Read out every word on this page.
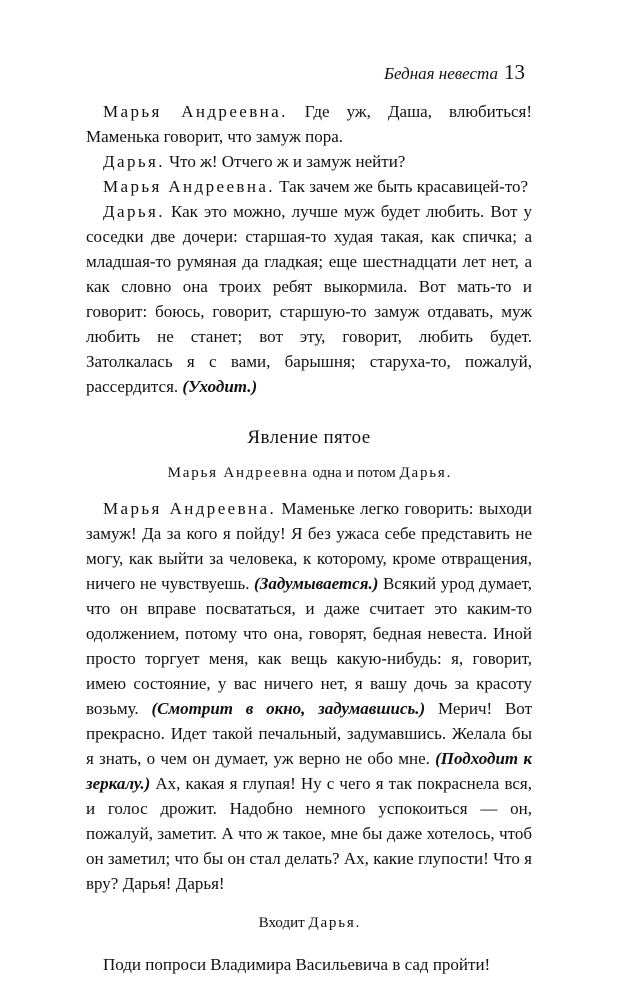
Бедная невеста 13

Марья Андреевна. Где уж, Даша, влюбиться! Маменька говорит, что замуж пора.

Дарья. Что ж! Отчего ж и замуж нейти?

Марья Андреевна. Так зачем же быть красавицей-то?

Дарья. Как это можно, лучше муж будет любить. Вот у соседки две дочери: старшая-то худая такая, как спичка; а младшая-то румяная да гладкая; еще шестнадцати лет нет, а как словно она троих ребят выкормила. Вот мать-то и говорит: боюсь, говорит, старшую-то замуж отдавать, муж любить не станет; вот эту, говорит, любить будет. Затолкалась я с вами, барышня; старуха-то, пожалуй, рассердится. (Уходит.)

Явление пятое
Марья Андреевна одна и потом Дарья.

Марья Андреевна. Маменьке легко говорить: выходи замуж! Да за кого я пойду! Я без ужаса себе представить не могу, как выйти за человека, к которому, кроме отвращения, ничего не чувствуешь. (Задумывается.) Всякий урод думает, что он вправе посвататься, и даже считает это каким-то одолжением, потому что она, говорят, бедная невеста. Иной просто торгует меня, как вещь какую-нибудь: я, говорит, имею состояние, у вас ничего нет, я вашу дочь за красоту возьму. (Смотрит в окно, задумавшись.) Мерич! Вот прекрасно. Идет такой печальный, задумавшись. Желала бы я знать, о чем он думает, уж верно не обо мне. (Подходит к зеркалу.) Ах, какая я глупая! Ну с чего я так покраснела вся, и голос дрожит. Надобно немного успокоиться — он, пожалуй, заметит. А что ж такое, мне бы даже хотелось, чтоб он заметил; что бы он стал делать? Ах, какие глупости! Что я вру? Дарья! Дарья!

Входит Дарья.

Поди попроси Владимира Васильевича в сад пройти!
